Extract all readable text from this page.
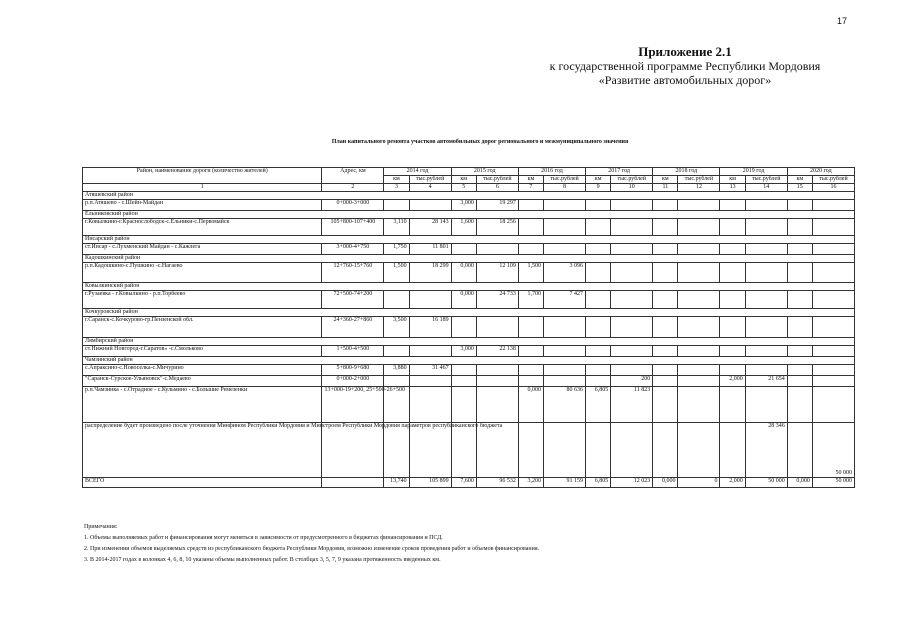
17
Приложение 2.1
к государственной программе Республики Мордовия
«Развитие автомобильных дорог»
План капитального ремонта участков автомобильных дорог регионального и межмуниципального значения
Район, наименование дороги (количество жителей)	Адрес, км	2014 год		2015 год		2016 год		2017 год		2018 год		2019 год		2020 год	
		км	тыс.рублей	км	тыс.рублей	км	тыс.рублей	км	тыс.рублей	км	тыс.рублей	км	тыс.рублей	км	тыс.рублей
1	2	3	4	5	6	7	8	9	10	11	12	13	14	15	16
Атяшевский район															
р.п.Атяшево - с.Шейн-Майдан	0+000-3+000			3,000	19 297										
Ельниковский район															
г.Ковылкино-г.Краснослободск-с.Ельники-с.Первомайск	105+800-107+400	3,110	28 143	1,600	18 256										
Инсарский район															
ст.Инсар - с.Лухменский Майдан - с.Кажлега	3+000-4+750	1,750	11 801												
Кадошкинский район															
р.п.Кадошкино-с.Пушкино -с.Нагаево	12+760-15+760	1,500	18 299	0,000	12 109	1,500	3 096								
Ковылкинский район															
г.Рузаевка - г.Ковылкино - р.п.Торбеево	72+500-74+200			0,000	24 733	1,700	7 427								
Кочкуровский район															
г.Саранск-с.Кочкурово-гр.Пензенской обл.	24+360-27+860	3,500	16 189												
Лямбирский район															
ст.Нижний Новгород-г.Саратов» -с.Смольково	1+500-4+500			3,000	22 138										
Чамзинский район															
с.Апраксино-с.Новоселка-с.Мичурино	5+800-9+680	3,880	31 467												
"Саранск-Сурское-Ульяновск"-с.Медаево	0+000-2+000								200			2,000	21 654		
р.п.Чамзинка - с.Отрадное - с.Кульмино - с.Большие Ремезенки	13+000-19+200, 25+500-26+500					0,000	80 636	6,805	11 823						
распределение будет произведено после уточнения Минфином Республики Мордовия и Минстроем Республики Мордовия параметров республиканского бюджета													28 346		50 000
ВСЕГО		13,740	105 899	7,600	96 532	3,200	91 159	6,805	12 023	0,000	0	2,000	50 000	0,000	50 000
Примечания:
1. Объемы выполняемых работ и финансирования могут меняться в зависимости от предусмотренного в бюджетах финансирования и ПСД.
2. При изменении объемов выделяемых средств из республиканского бюджета Республики Мордовия, возможно изменение сроков проведения работ и объемов финансирования.
3. В 2014-2017 годах в колонках 4, 6, 8, 10 указаны объемы выполненных работ. В столбцах 3, 5, 7, 9 указана протяженность введенных км.
